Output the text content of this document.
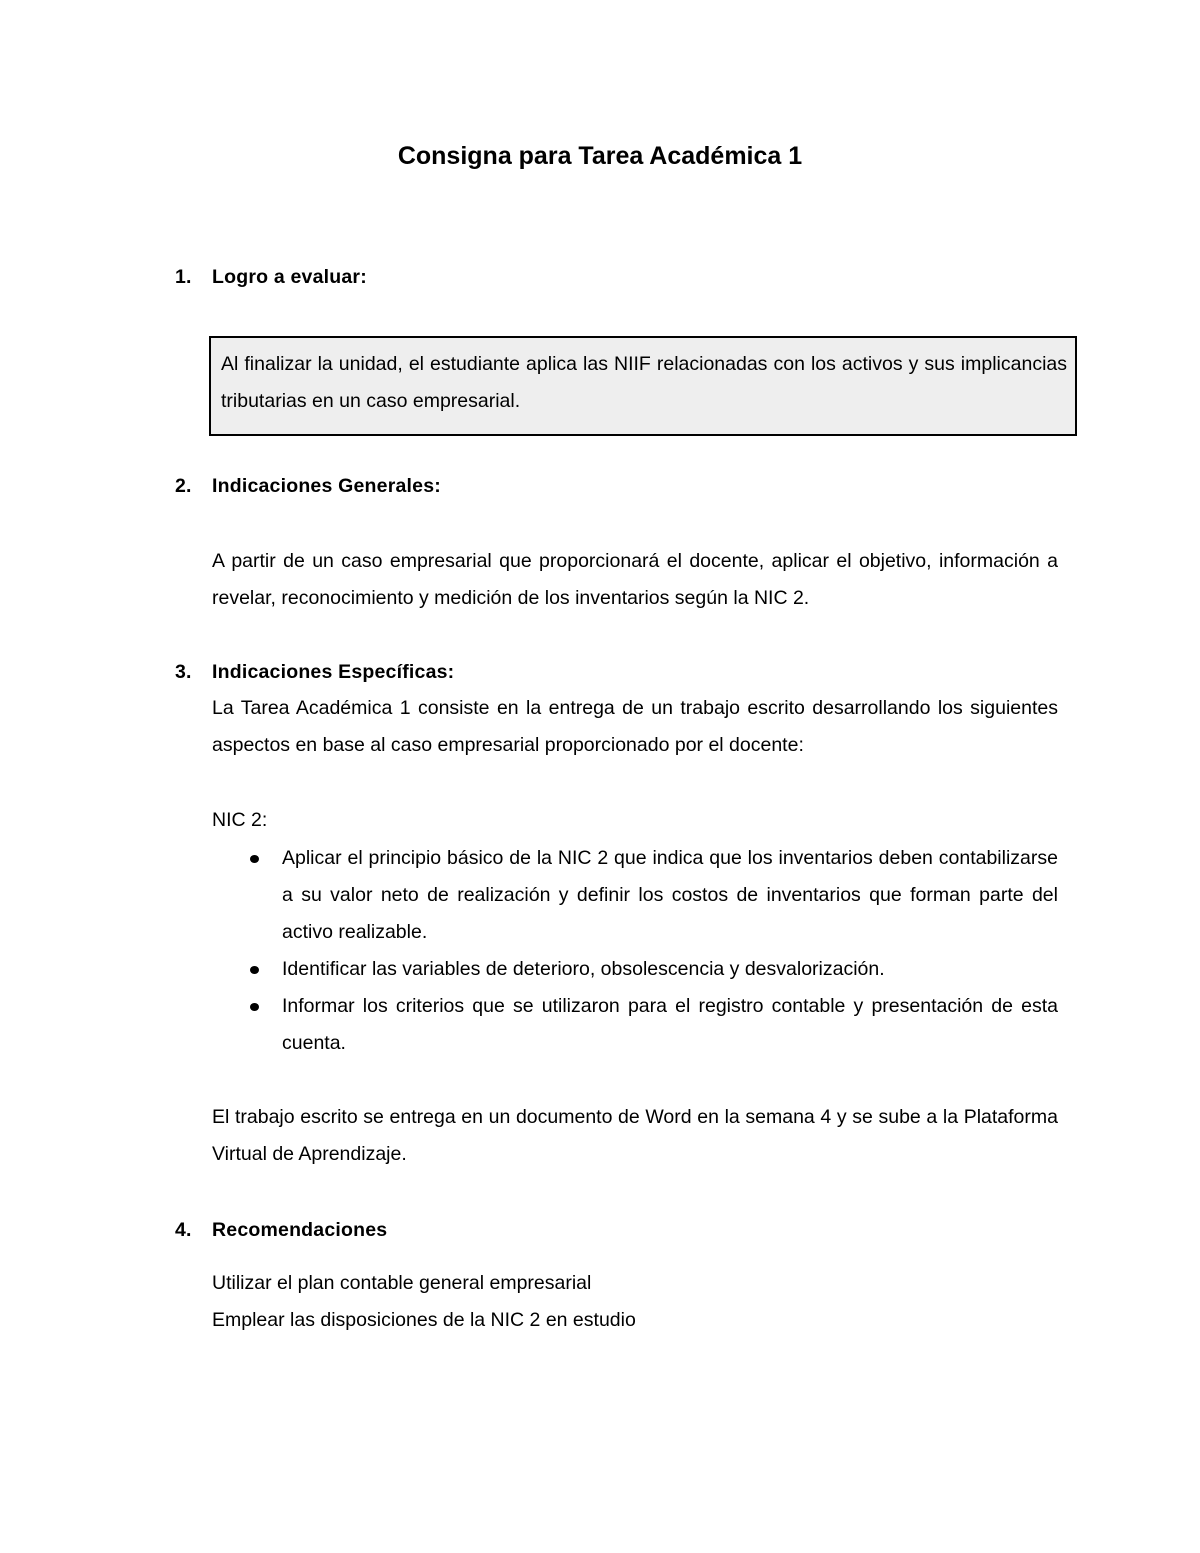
Consigna para Tarea Académica 1
1. Logro a evaluar:
Al finalizar la unidad, el estudiante aplica las NIIF relacionadas con los activos y sus implicancias tributarias en un caso empresarial.
2. Indicaciones Generales:
A partir de un caso empresarial que proporcionará el docente, aplicar el objetivo, información a revelar, reconocimiento y medición de los inventarios según la NIC 2.
3. Indicaciones Específicas:
La Tarea Académica 1 consiste en la entrega de un trabajo escrito desarrollando los siguientes aspectos en base al caso empresarial proporcionado por el docente:
NIC 2:
Aplicar el principio básico de la NIC 2 que indica que los inventarios deben contabilizarse a su valor neto de realización y definir los costos de inventarios que forman parte del activo realizable.
Identificar las variables de deterioro, obsolescencia y desvalorización.
Informar los criterios que se utilizaron para el registro contable y presentación de esta cuenta.
El trabajo escrito se entrega en un documento de Word en la semana 4 y se sube a la Plataforma Virtual de Aprendizaje.
4. Recomendaciones
Utilizar el plan contable general empresarial
Emplear las disposiciones de la NIC 2 en estudio
